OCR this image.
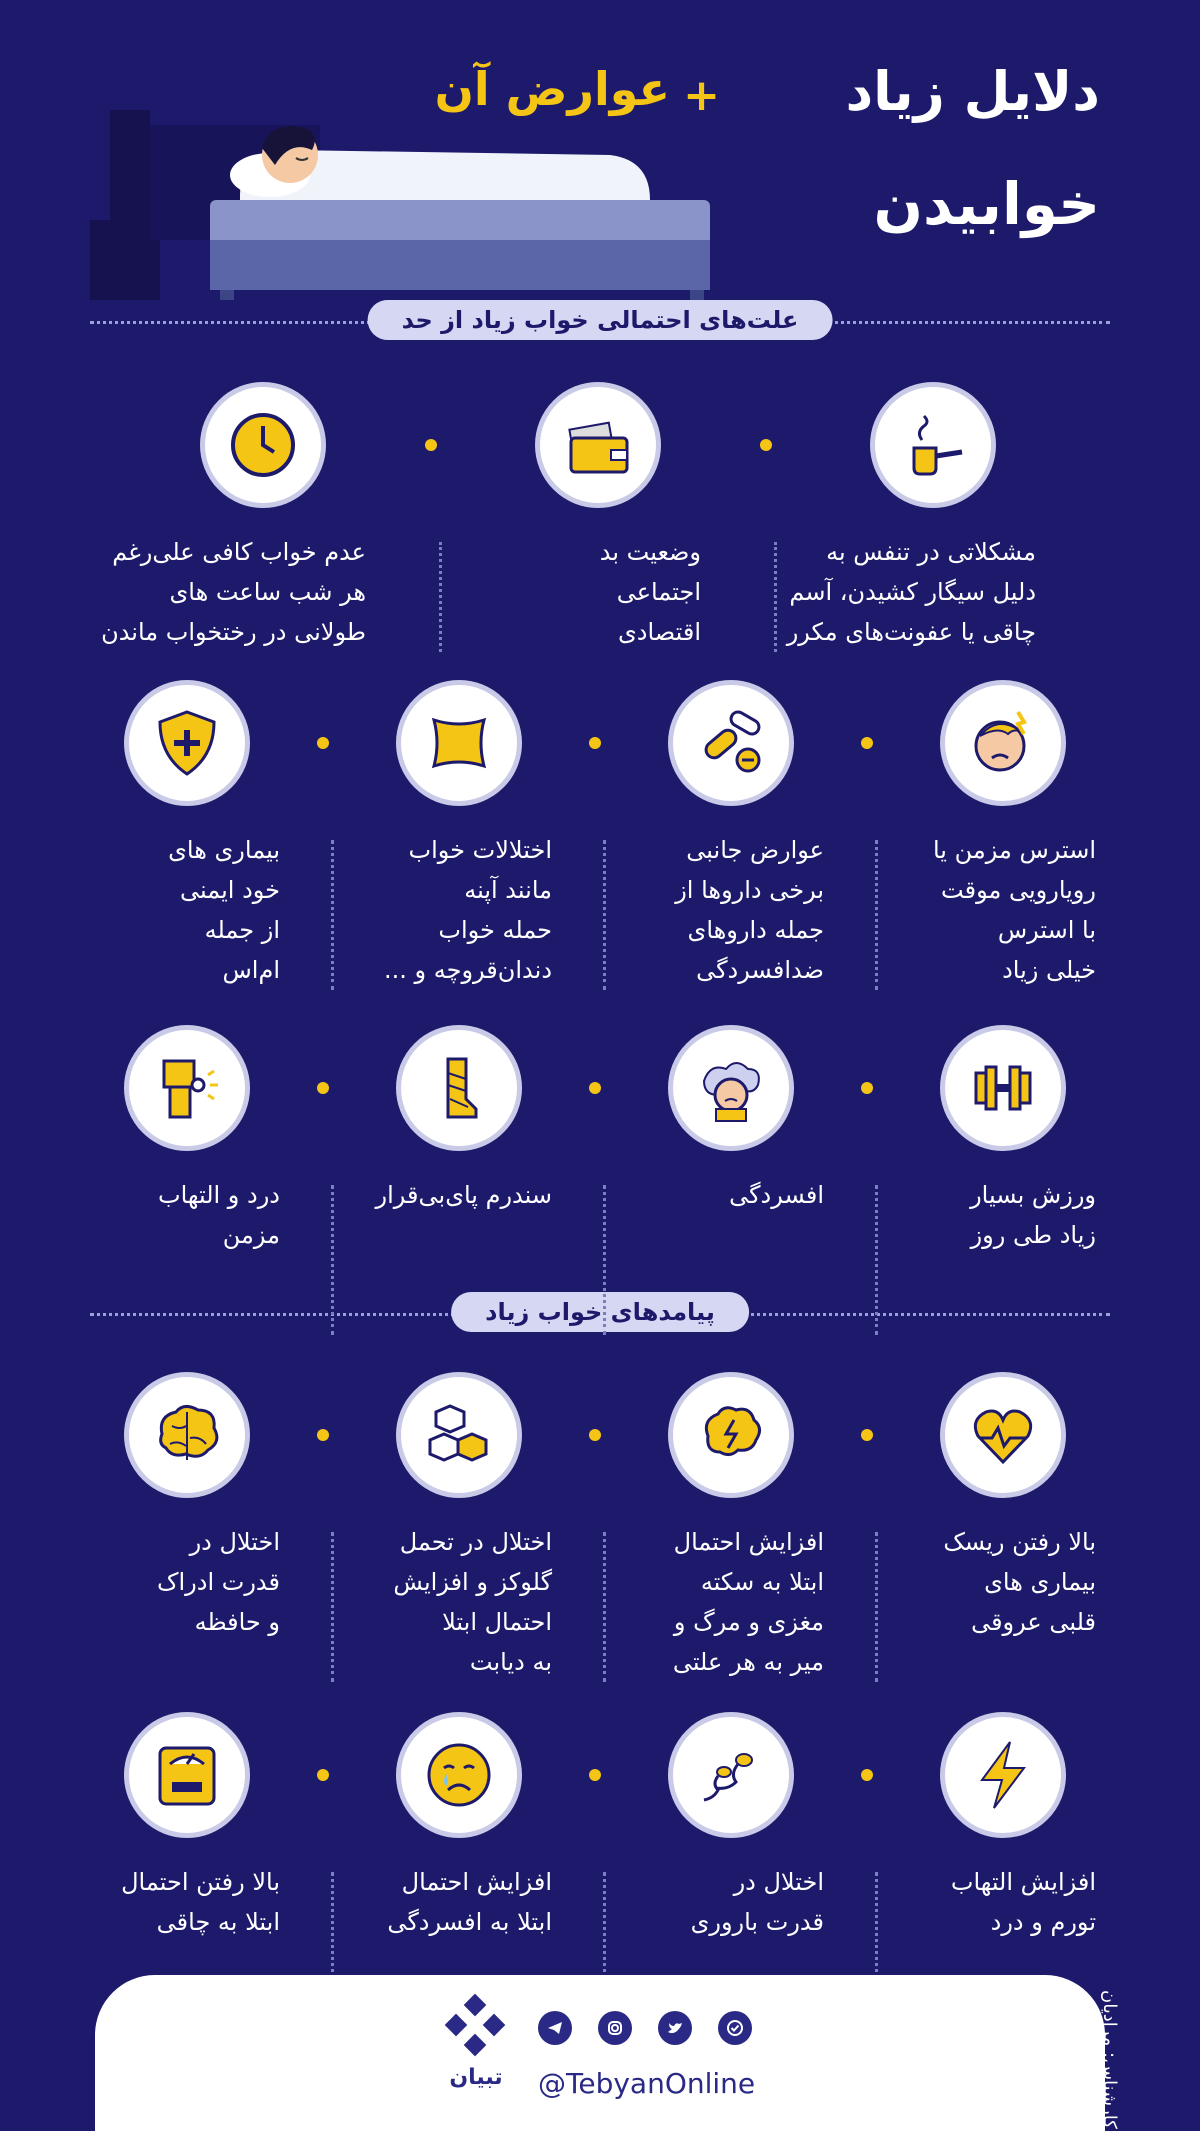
دلایل زیاد
+
عوارض آن
خوابیدن
علت‌های احتمالی خواب زیاد از حد
پیامدهای خواب زیاد
مشکلاتی در تنفس به
دلیل سیگار کشیدن، آسم
چاقی یا عفونت‌های مکرر
وضعیت بد
اجتماعی
اقتصادی
عدم خواب کافی علی‌رغم
هر شب ساعت های
طولانی در رختخواب ماندن
استرس مزمن یا
رویارویی موقت
با استرس
خیلی زیاد
عوارض جانبی
برخی داروها از
جمله داروهای
ضدافسردگی
اختلالات خواب
مانند آپنه
حمله خواب
دندان‌قروچه و ...
بیماری های
خود ایمنی
از جمله
ام‌اس
ورزش بسیار
زیاد طی روز
افسردگی
سندرم پای‌بی‌قرار
درد و التهاب
مزمن
بالا رفتن ریسک
بیماری های
قلبی عروقی
افزایش احتمال
ابتلا به سکته
مغزی و مرگ و
میر به هر علتی
اختلال در تحمل
گلوکز و افزایش
احتمال ابتلا
به دیابت
اختلال در
قدرت ادراک
و حافظه
افزایش التهاب
تورم و درد
اختلال در
قدرت باروری
افزایش احتمال
ابتلا به افسردگی
بالا رفتن احتمال
ابتلا به چاقی
تبیان	@TebyanOnline	کارشناس: مرادیان
